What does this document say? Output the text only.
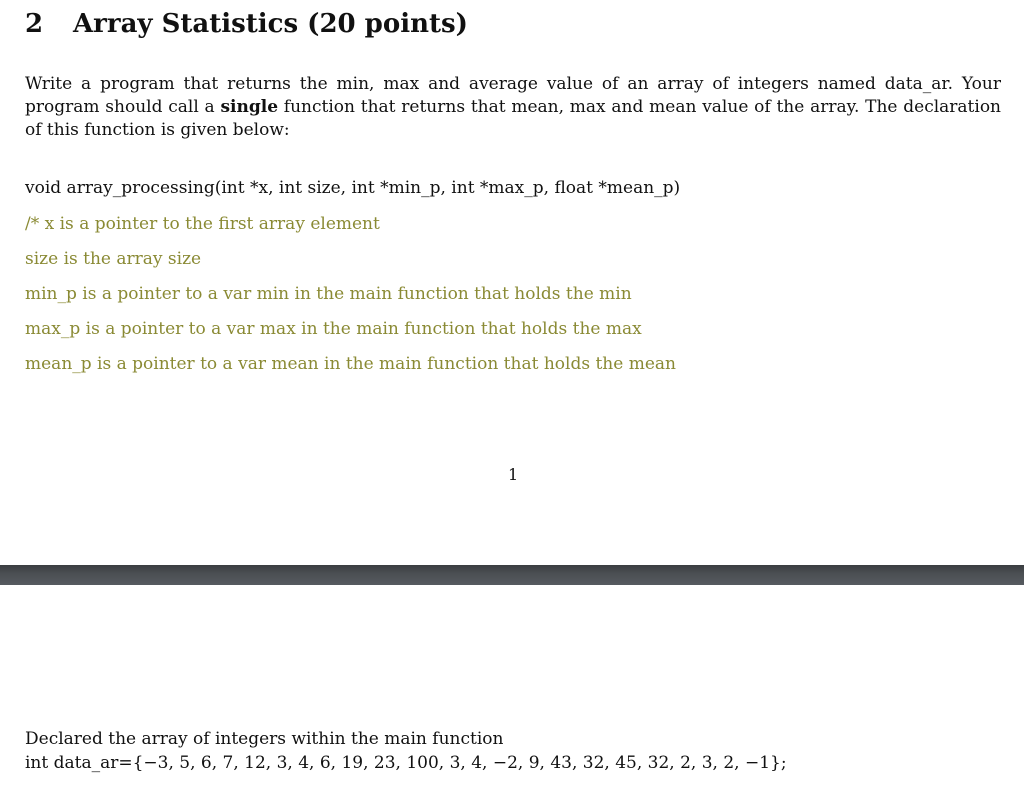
2 Array Statistics (20 points)
Write a program that returns the min, max and average value of an array of integers named data_ar. Your program should call a single function that returns that mean, max and mean value of the array. The declaration of this function is given below:
void array_processing(int *x, int size, int *min_p, int *max_p, float *mean_p)
/* x is a pointer to the first array element
size is the array size
min_p is a pointer to a var min in the main function that holds the min
max_p is a pointer to a var max in the main function that holds the max
mean_p is a pointer to a var mean in the main function that holds the mean
1
Declared the array of integers within the main function
int data_ar={−3, 5, 6, 7, 12, 3, 4, 6, 19, 23, 100, 3, 4, −2, 9, 43, 32, 45, 32, 2, 3, 2, −1};
